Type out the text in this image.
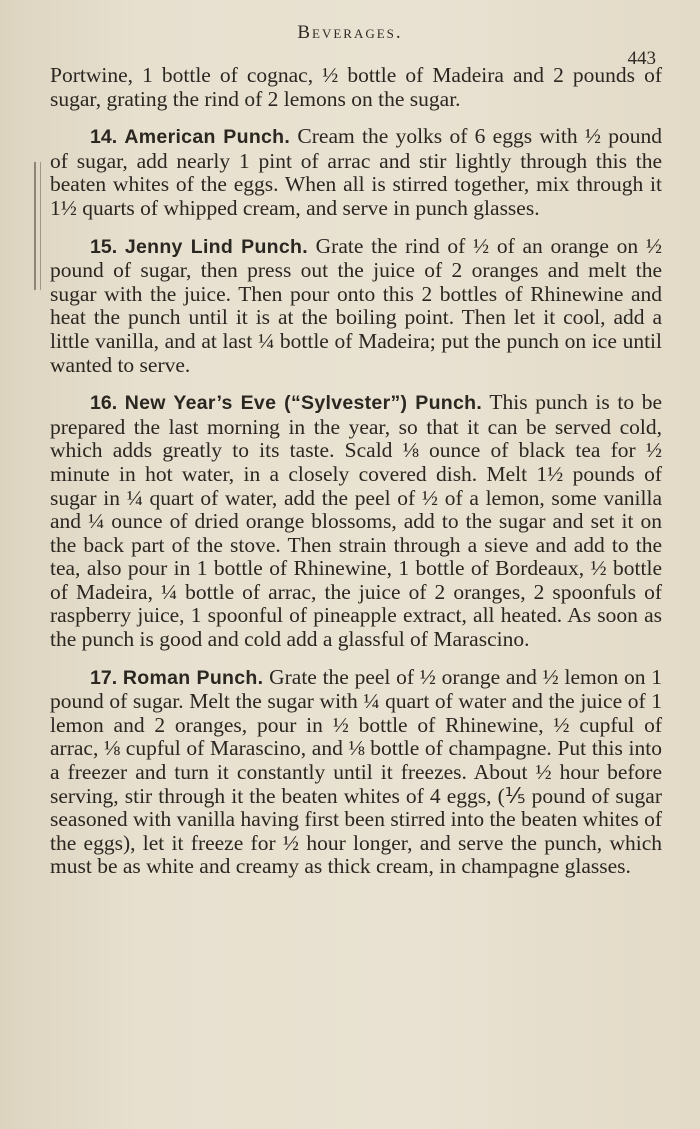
Beverages.
443

Portwine, 1 bottle of cognac, ½ bottle of Madeira and 2 pounds of sugar, grating the rind of 2 lemons on the sugar.

14. American Punch. Cream the yolks of 6 eggs with ½ pound of sugar, add nearly 1 pint of arrac and stir lightly through this the beaten whites of the eggs. When all is stirred together, mix through it 1½ quarts of whipped cream, and serve in punch glasses.

15. Jenny Lind Punch. Grate the rind of ½ of an orange on ½ pound of sugar, then press out the juice of 2 oranges and melt the sugar with the juice. Then pour onto this 2 bottles of Rhinewine and heat the punch until it is at the boiling point. Then let it cool, add a little vanilla, and at last ¼ bottle of Madeira; put the punch on ice until wanted to serve.

16. New Year’s Eve (“Sylvester”) Punch. This punch is to be prepared the last morning in the year, so that it can be served cold, which adds greatly to its taste. Scald ⅛ ounce of black tea for ½ minute in hot water, in a closely covered dish. Melt 1½ pounds of sugar in ¼ quart of water, add the peel of ½ of a lemon, some vanilla and ¼ ounce of dried orange blossoms, add to the sugar and set it on the back part of the stove. Then strain through a sieve and add to the tea, also pour in 1 bottle of Rhinewine, 1 bottle of Bordeaux, ½ bottle of Madeira, ¼ bottle of arrac, the juice of 2 oranges, 2 spoonfuls of raspberry juice, 1 spoonful of pineapple extract, all heated. As soon as the punch is good and cold add a glassful of Marascino.

17. Roman Punch. Grate the peel of ½ orange and ½ lemon on 1 pound of sugar. Melt the sugar with ¼ quart of water and the juice of 1 lemon and 2 oranges, pour in ½ bottle of Rhinewine, ½ cupful of arrac, ⅛ cupful of Marascino, and ⅛ bottle of champagne. Put this into a freezer and turn it constantly until it freezes. About ½ hour before serving, stir through it the beaten whites of 4 eggs, (⅕ pound of sugar seasoned with vanilla having first been stirred into the beaten whites of the eggs), let it freeze for ½ hour longer, and serve the punch, which must be as white and creamy as thick cream, in champagne glasses.
